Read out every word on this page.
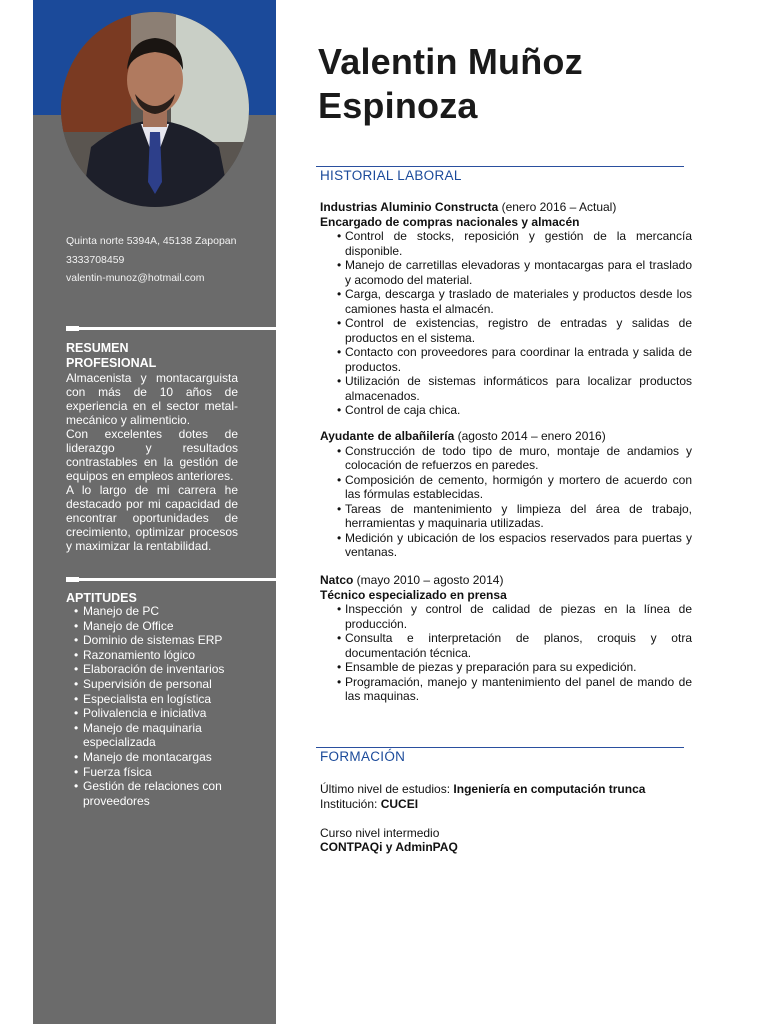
Quinta norte 5394A, 45138 Zapopan
3333708459
valentin-munoz@hotmail.com
RESUMEN PROFESIONAL

Almacenista y montacarguista con más de 10 años de experiencia en el sector metal-mecánico y alimenticio.

Con excelentes dotes de liderazgo y resultados contrastables en la gestión de equipos en empleos anteriores.

A lo largo de mi carrera he destacado por mi capacidad de encontrar oportunidades de crecimiento, optimizar procesos y maximizar la rentabilidad.

APTITUDES
• Manejo de PC
• Manejo de Office
• Dominio de sistemas ERP
• Razonamiento lógico
• Elaboración de inventarios
• Supervisión de personal
• Especialista en logística
• Polivalencia e iniciativa
• Manejo de maquinaria especializada
• Manejo de montacargas
• Fuerza física
• Gestión de relaciones con proveedores
Valentin Muñoz
Espinoza
HISTORIAL LABORAL
Industrias Aluminio Constructa (enero 2016 – Actual)
Encargado de compras nacionales y almacén
• Control de stocks, reposición y gestión de la mercancía disponible.
• Manejo de carretillas elevadoras y montacargas para el traslado y acomodo del material.
• Carga, descarga y traslado de materiales y productos desde los camiones hasta el almacén.
• Control de existencias, registro de entradas y salidas de productos en el sistema.
• Contacto con proveedores para coordinar la entrada y salida de productos.
• Utilización de sistemas informáticos para localizar productos almacenados.
• Control de caja chica.
Ayudante de albañilería (agosto 2014 – enero 2016)
• Construcción de todo tipo de muro, montaje de andamios y colocación de refuerzos en paredes.
• Composición de cemento, hormigón y mortero de acuerdo con las fórmulas establecidas.
• Tareas de mantenimiento y limpieza del área de trabajo, herramientas y maquinaria utilizadas.
• Medición y ubicación de los espacios reservados para puertas y ventanas.
Natco (mayo 2010 – agosto 2014)
Técnico especializado en prensa
• Inspección y control de calidad de piezas en la línea de producción.
• Consulta e interpretación de planos, croquis y otra documentación técnica.
• Ensamble de piezas y preparación para su expedición.
• Programación, manejo y mantenimiento del panel de mando de las maquinas.
FORMACIÓN
Último nivel de estudios: Ingeniería en computación trunca
Institución: CUCEI
Curso nivel intermedio
CONTPAQi y AdminPAQ
